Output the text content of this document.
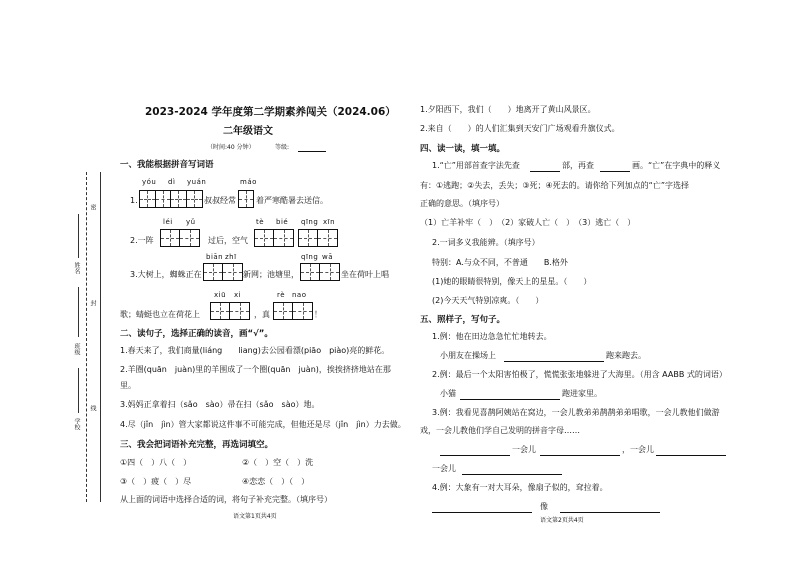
密
封
线
学校
班级
姓名
2023-2024 学年度第二学期素养闯关（2024.06）
二年级语文
（时间:40 分钟）	等级:
一、我能根据拼音写词语
yóu dì yuán	máo
1.	叔叔经常	着严寒酷暑去送信。
léi yǔ	tè bié qīng xīn
2.一阵	过后，空气
biān zhī	qīng wā
3.大树上，蜘蛛正在	新网；池塘里，	坐在荷叶上唱
xiū xi	rè nao
歌；蜻蜓也立在荷花上	，真	！
二、读句子，选择正确的读音，画“√”。
1.春天来了，我们商量(liáng　　liang)去公园看漂(piāo　piào)亮的鲜花。
2.羊圈(quān　juàn)里的羊围成了一个圈(quān　juàn)，挨挨挤挤地站在那
里。
3.妈妈正拿着扫（sǎo　sào）帚在扫（sǎo　sào）地。
4.尽（jǐn　jìn）管大家都说这件事不可能完成，但他还是尽（jǐn　jìn）力去做。
三、我会把词语补充完整，再选词填空。
①四（　）八（　）	②（　）空（　）洗
③（　）疲（　）尽	④恋恋（　）（　）
从上面的词语中选择合适的词，将句子补充完整。（填序号）
语文第1页共4页
1.夕阳西下，我们（　　）地离开了黄山风景区。
2.来自（　　）的人们汇集到天安门广场观看升旗仪式。
四、读一读，填一填。
1.“亡”用部首查字法先查	部，再查	画。“亡”在字典中的释义
有：①逃跑；②失去，丢失；③死；④死去的。请你给下列加点的“亡”字选择
正确的意思。（填序号）
（1）亡羊补牢（　）　（2）家破人亡（　）　（3）逃亡（　）
2.一词多义我能辨。（填序号）
特别：A.与众不同，不普通　　B.格外
(1)她的眼睛很特别，像天上的星星。（　　）
(2)今天天气特别凉爽。（　　）
五、照样子，写句子。
1.例：他在田边急急忙忙地转去。
小朋友在操场上	跑来跑去。
2.例：最后一个太阳害怕极了，慌慌张张地躲进了大海里。（用含 AABB 式的词语）
小猫	跑进家里。
3.例：我看见喜鹊阿姨站在窝边，一会儿教弟弟鹊鹊弟弟唱歌，一会儿教他们做游
戏，一会儿教他们学自己发明的拼音字母……
一会儿	，一会儿
一会儿
4.例：大象有一对大耳朵，像扇子似的，耷拉着。
像
语文第2页共4页
